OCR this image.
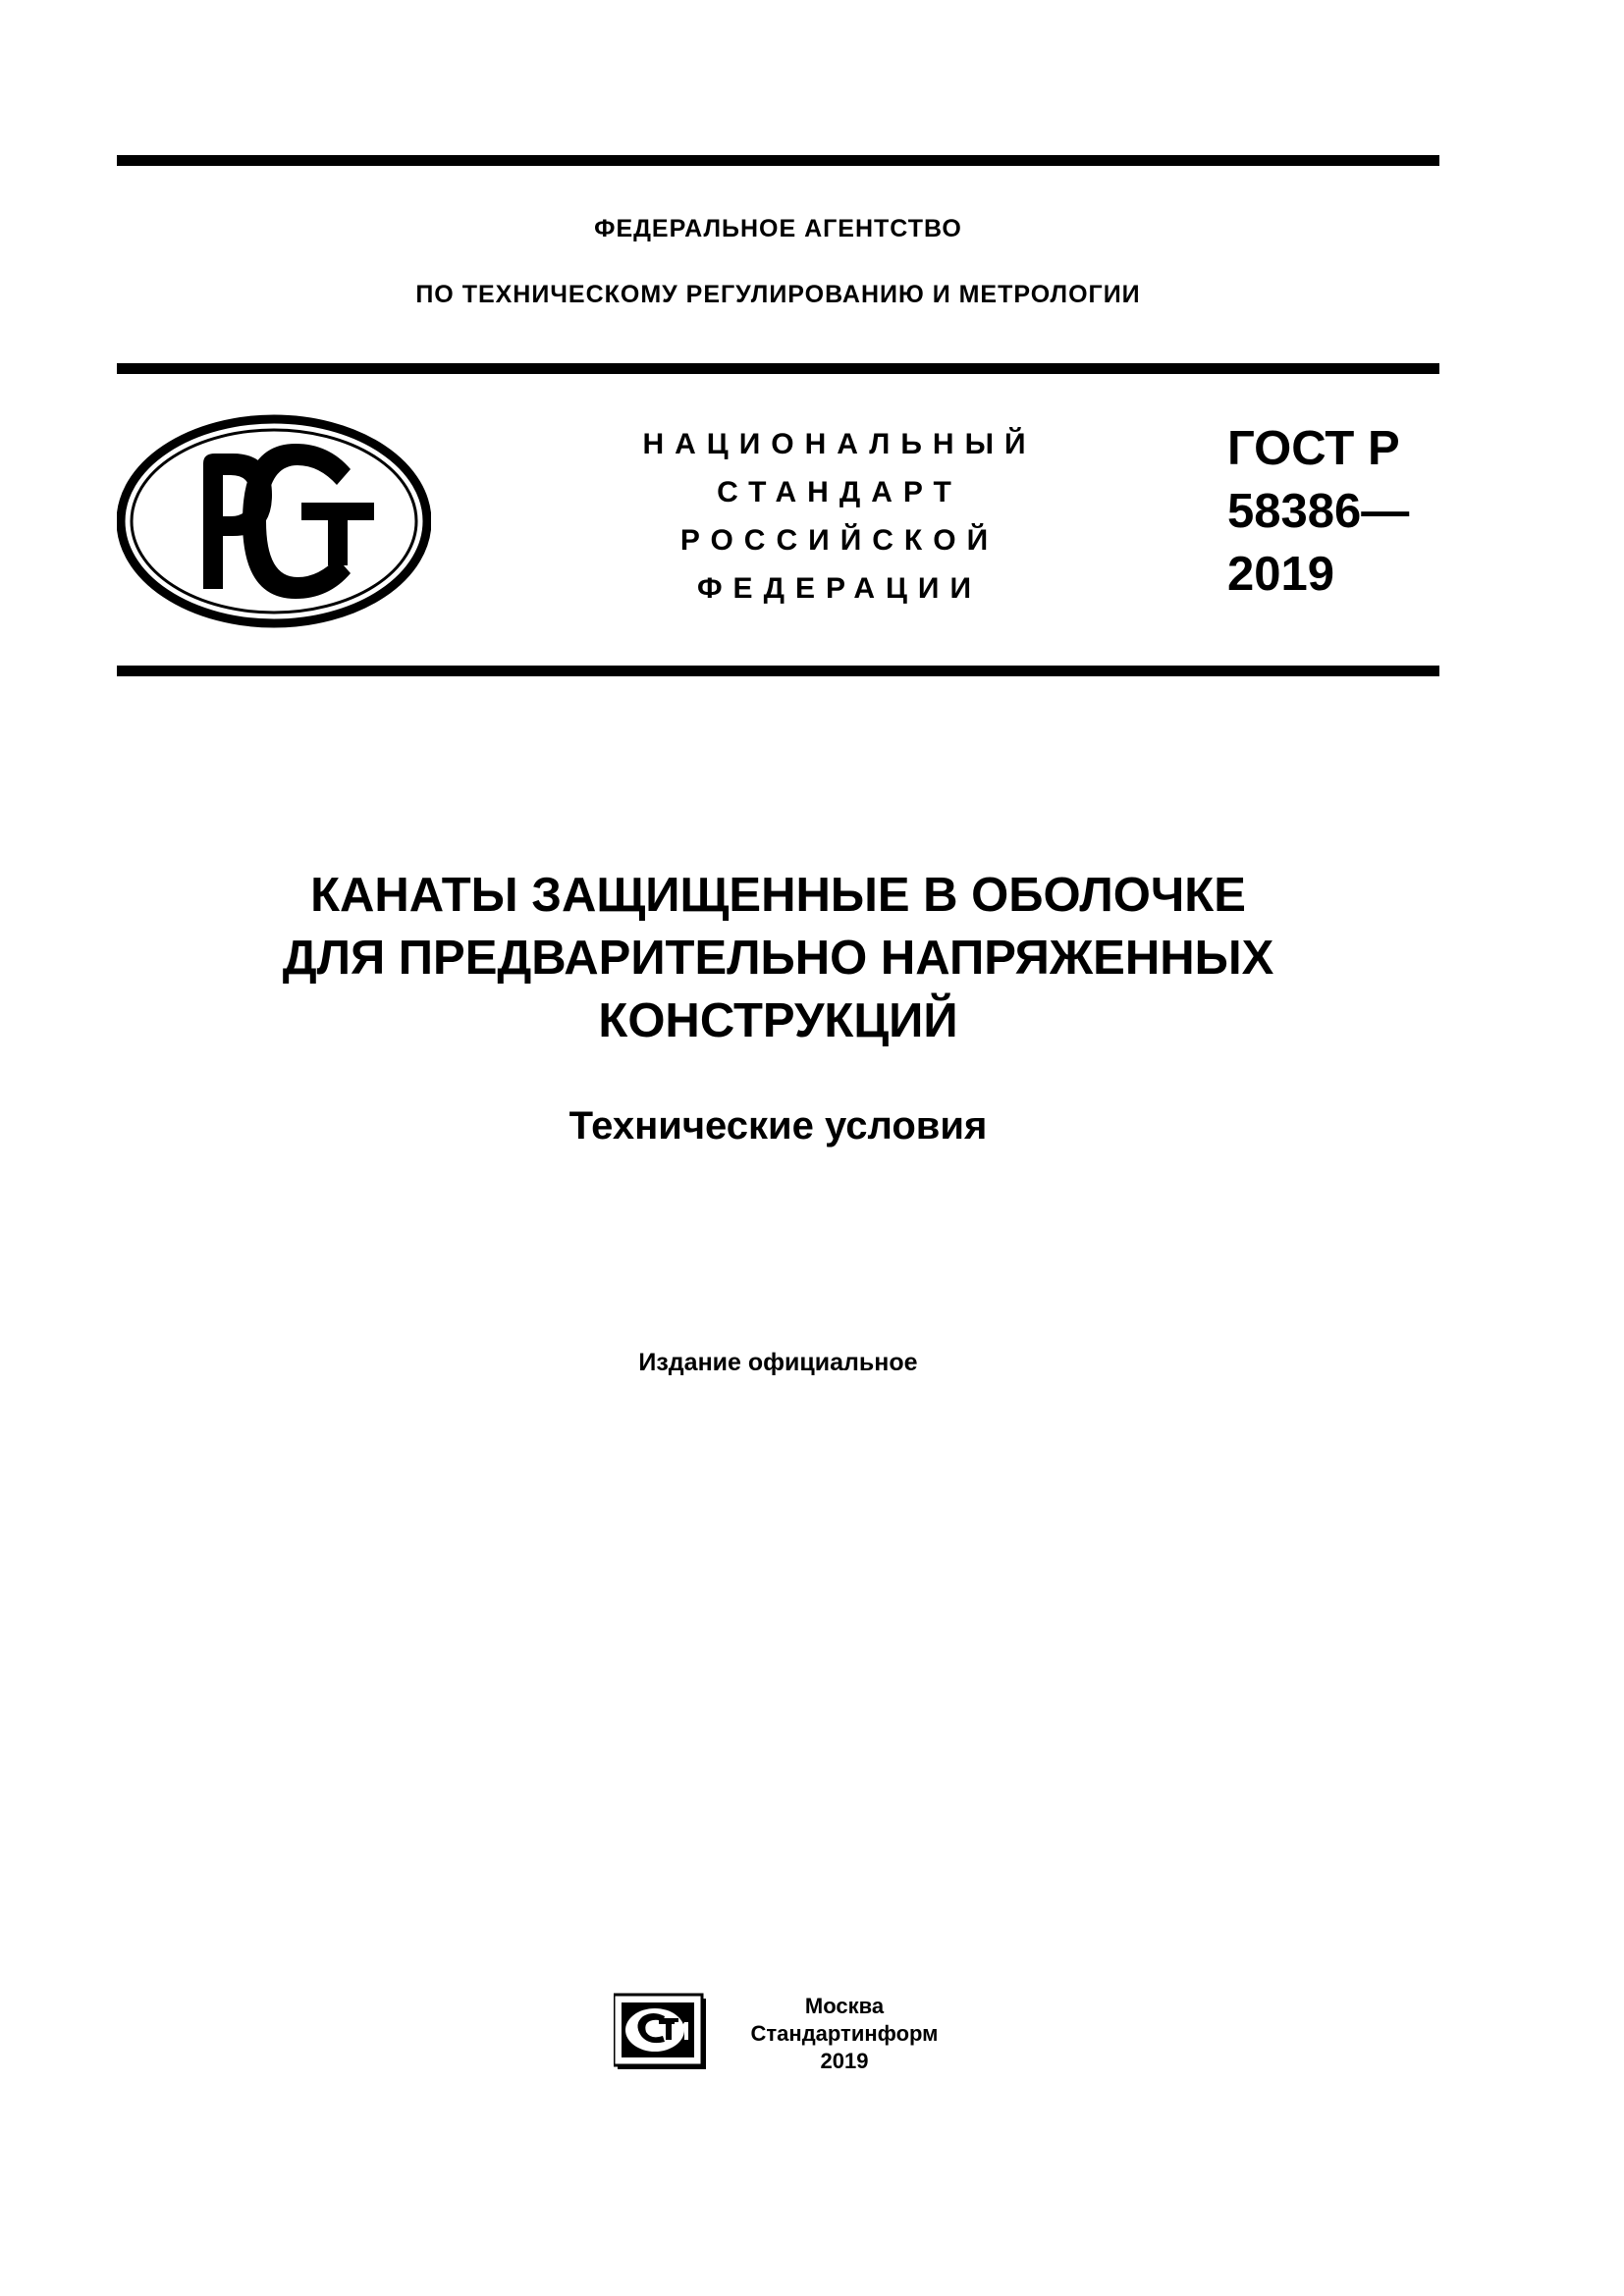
ФЕДЕРАЛЬНОЕ АГЕНТСТВО
ПО ТЕХНИЧЕСКОМУ РЕГУЛИРОВАНИЮ И МЕТРОЛОГИИ
НАЦИОНАЛЬНЫЙ
СТАНДАРТ
РОССИЙСКОЙ
ФЕДЕРАЦИИ
ГОСТ Р
58386—
2019
КАНАТЫ ЗАЩИЩЕННЫЕ В ОБОЛОЧКЕ
ДЛЯ ПРЕДВАРИТЕЛЬНО НАПРЯЖЕННЫХ
КОНСТРУКЦИЙ
Технические условия
Издание официальное
Москва
Стандартинформ
2019
